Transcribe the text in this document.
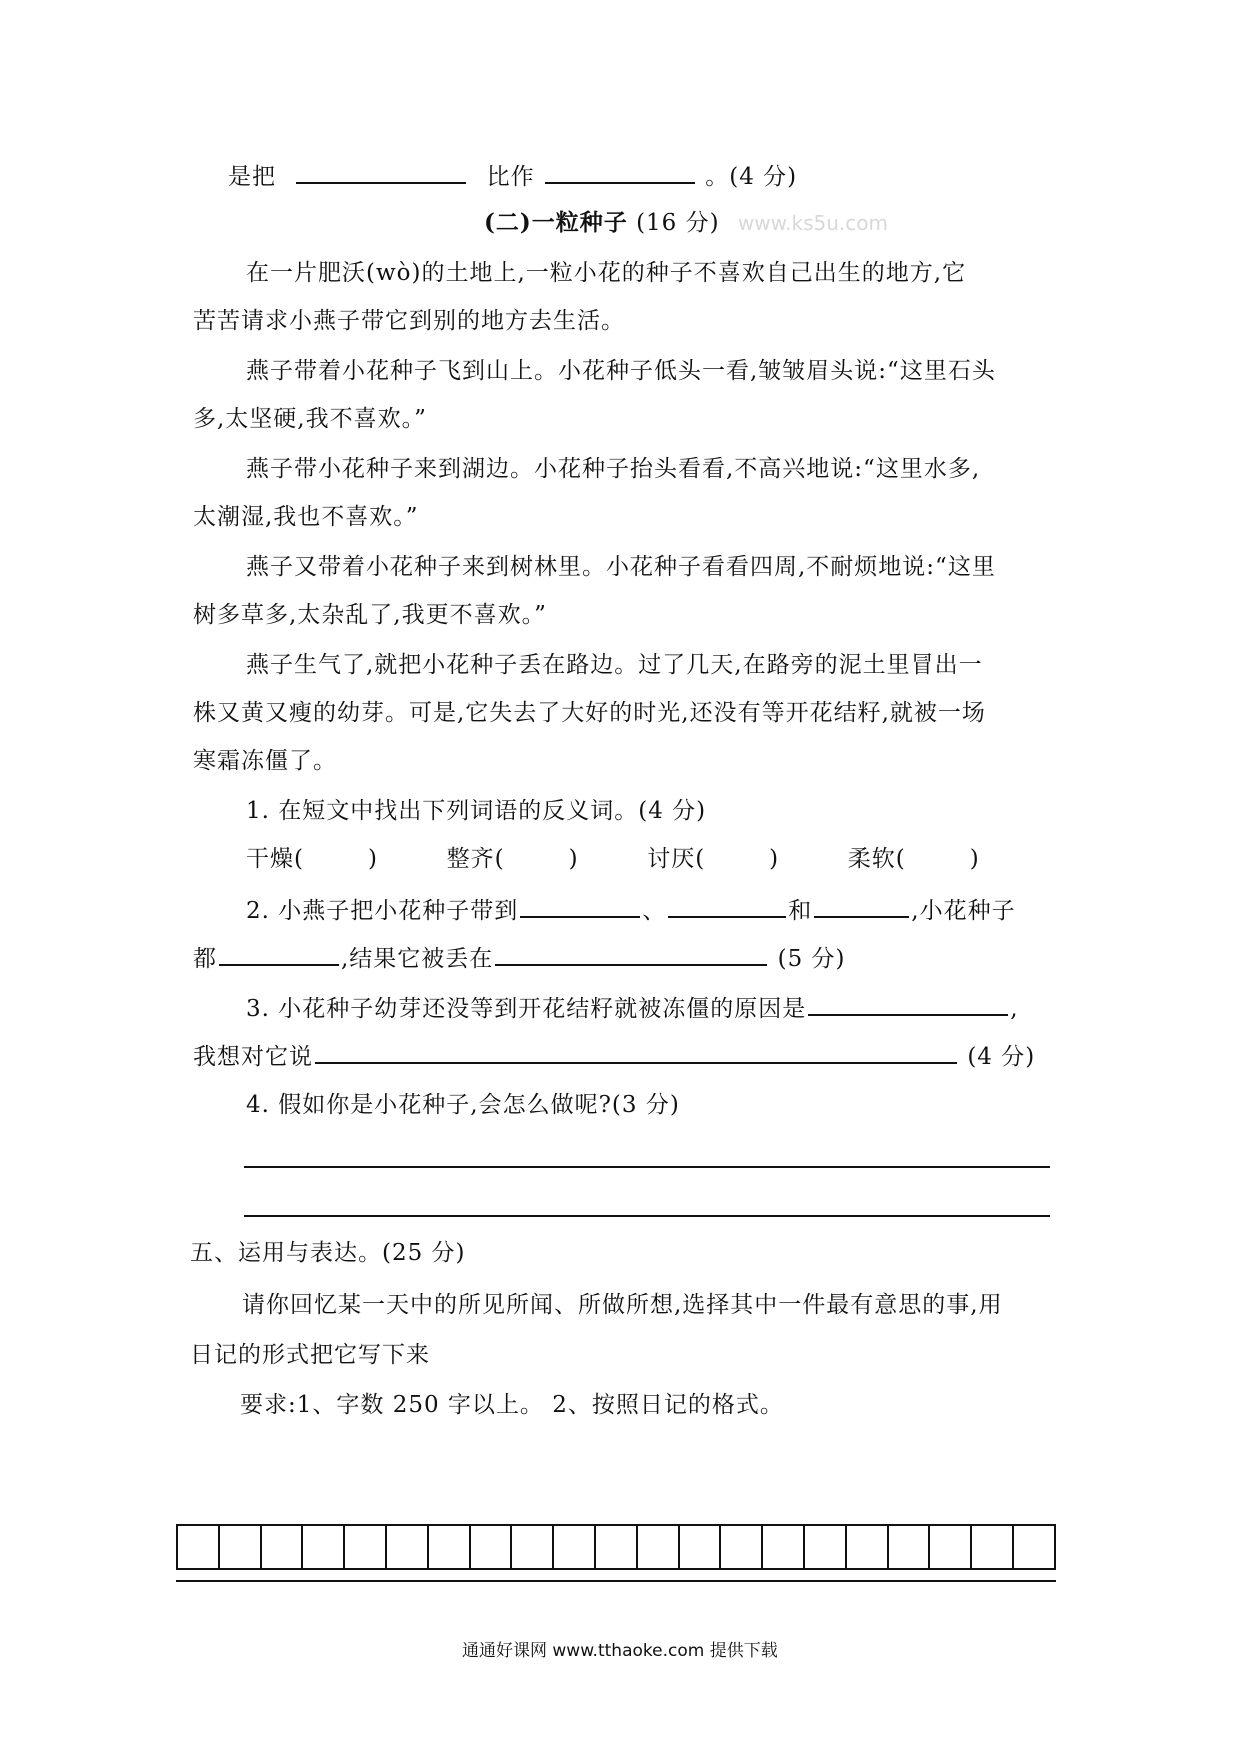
是把	比作	。(4 分)
(二)一粒种子 (16 分) www.ks5u.com
在一片肥沃(wò)的土地上,一粒小花的种子不喜欢自己出生的地方,它
苦苦请求小燕子带它到别的地方去生活。
燕子带着小花种子飞到山上。小花种子低头一看,皱皱眉头说:“这里石头
多,太坚硬,我不喜欢。”
燕子带小花种子来到湖边。小花种子抬头看看,不高兴地说:“这里水多,
太潮湿,我也不喜欢。”
燕子又带着小花种子来到树林里。小花种子看看四周,不耐烦地说:“这里
树多草多,太杂乱了,我更不喜欢。”
燕子生气了,就把小花种子丢在路边。过了几天,在路旁的泥土里冒出一
株又黄又瘦的幼芽。可是,它失去了大好的时光,还没有等开花结籽,就被一场
寒霜冻僵了。
1. 在短文中找出下列词语的反义词。(4 分)
干燥(	)	整齐(	)	讨厌(	)	柔软(	)
2. 小燕子把小花种子带到	、	和	,小花种子
都	,结果它被丢在	(5 分)
3. 小花种子幼芽还没等到开花结籽就被冻僵的原因是	,
我想对它说	(4 分)
4. 假如你是小花种子,会怎么做呢?(3 分)
五、运用与表达。(25 分)
请你回忆某一天中的所见所闻、所做所想,选择其中一件最有意思的事,用
日记的形式把它写下来
要求:1、字数 250 字以上。 2、按照日记的格式。

通通好课网 www.tthaoke.com 提供下载
